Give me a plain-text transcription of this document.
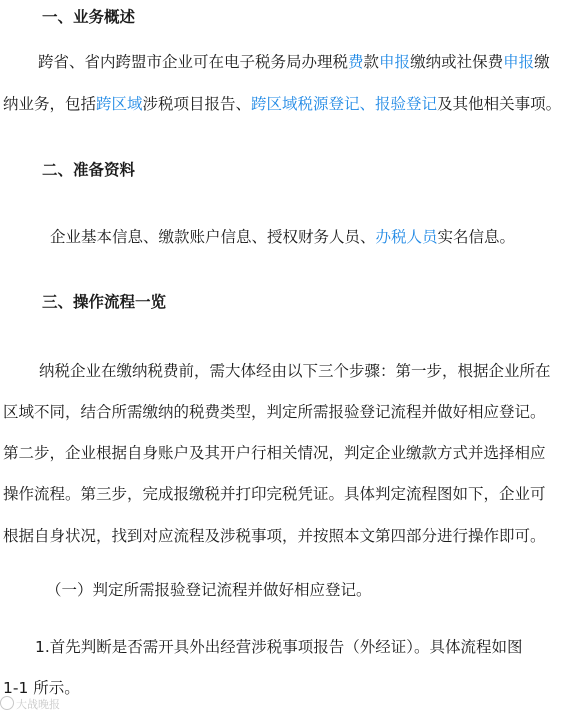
一、业务概述
跨省、省内跨盟市企业可在电子税务局办理税费款申报缴纳或社保费申报缴
纳业务，包括跨区域涉税项目报告、跨区域税源登记、报验登记及其他相关事项。
二、准备资料
企业基本信息、缴款账户信息、授权财务人员、办税人员实名信息。
三、操作流程一览
纳税企业在缴纳税费前，需大体经由以下三个步骤：第一步，根据企业所在
区域不同，结合所需缴纳的税费类型，判定所需报验登记流程并做好相应登记。
第二步，企业根据自身账户及其开户行相关情况，判定企业缴款方式并选择相应
操作流程。第三步，完成报缴税并打印完税凭证。具体判定流程图如下，企业可
根据自身状况，找到对应流程及涉税事项，并按照本文第四部分进行操作即可。
（一）判定所需报验登记流程并做好相应登记。
1.首先判断是否需开具外出经营涉税事项报告（外经证）。具体流程如图
1-1 所示。
大战晚报
